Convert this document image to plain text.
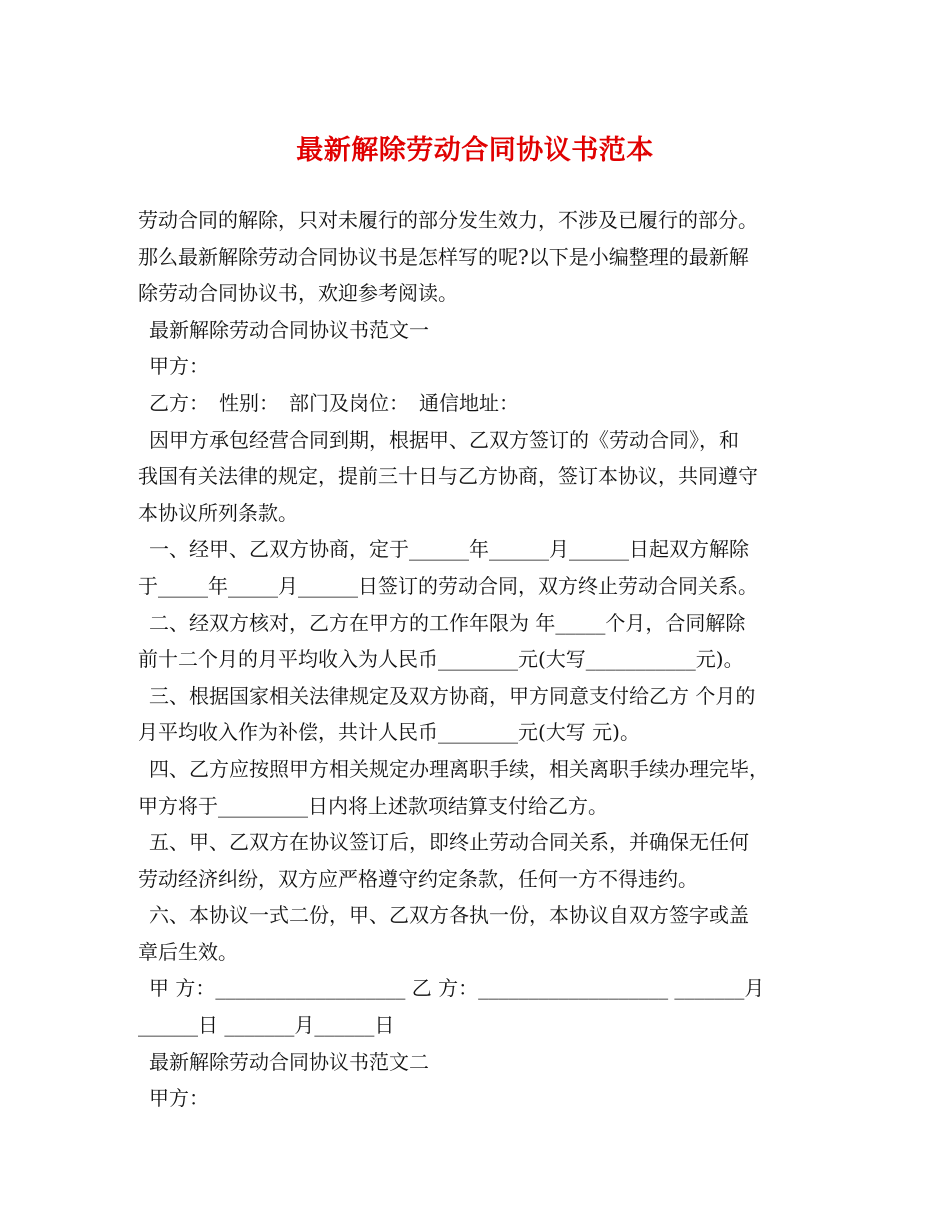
最新解除劳动合同协议书范本
劳动合同的解除，只对未履行的部分发生效力，不涉及已履行的部分。
那么最新解除劳动合同协议书是怎样写的呢?以下是小编整理的最新解
除劳动合同协议书，欢迎参考阅读。
最新解除劳动合同协议书范文一
甲方：
乙方：　性别：　部门及岗位：　通信地址：
因甲方承包经营合同到期，根据甲、乙双方签订的《劳动合同》，和
我国有关法律的规定，提前三十日与乙方协商，签订本协议，共同遵守
本协议所列条款。
一、经甲、乙双方协商，定于______年______月______日起双方解除
于_____年_____月______日签订的劳动合同，双方终止劳动合同关系。
二、经双方核对，乙方在甲方的工作年限为 年_____个月，合同解除
前十二个月的月平均收入为人民币________元(大写___________元)。
三、根据国家相关法律规定及双方协商，甲方同意支付给乙方 个月的
月平均收入作为补偿，共计人民币________元(大写 元)。
四、乙方应按照甲方相关规定办理离职手续，相关离职手续办理完毕，
甲方将于_________日内将上述款项结算支付给乙方。
五、甲、乙双方在协议签订后，即终止劳动合同关系，并确保无任何
劳动经济纠纷，双方应严格遵守约定条款，任何一方不得违约。
六、本协议一式二份，甲、乙双方各执一份，本协议自双方签字或盖
章后生效。
甲 方：___________________ 乙 方：___________________ _______月
______日 _______月______日
最新解除劳动合同协议书范文二
甲方：
